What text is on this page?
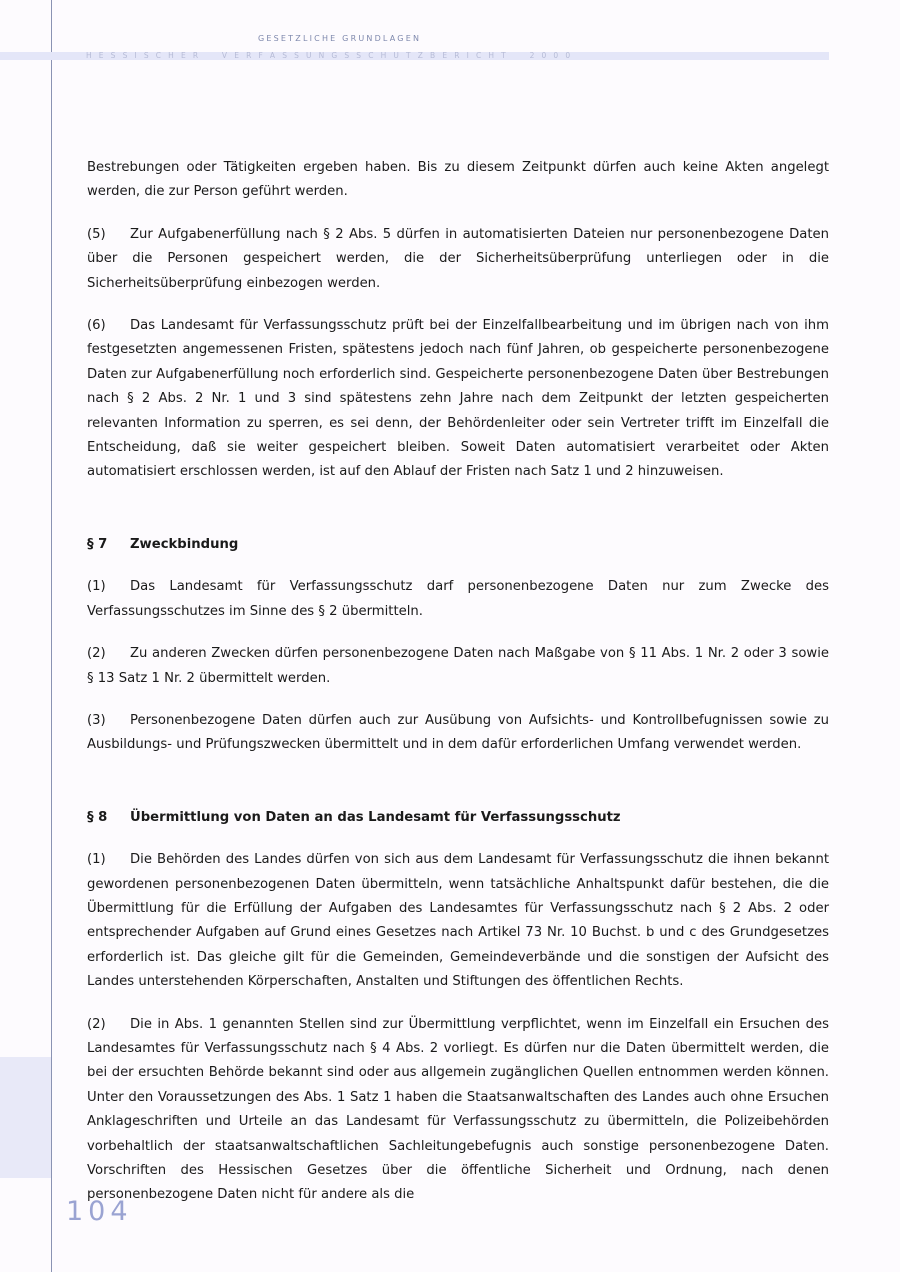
GESETZLICHE GRUNDLAGEN
H   E   S   S   I   S   C   H   E   R          V   E   R   F   A   S   S   U   N   G   S   S   C   H   U   T   Z   B   E   R   I   C   H   T          2   0   0   0
104

Bestrebungen oder Tätigkeiten ergeben haben. Bis zu diesem Zeitpunkt dürfen auch keine Akten angelegt werden, die zur Person geführt werden.

(5) Zur Aufgabenerfüllung nach § 2 Abs. 5 dürfen in automatisierten Dateien nur personenbezogene Daten über die Personen gespeichert werden, die der Sicherheitsüberprüfung unterliegen oder in die Sicherheitsüberprüfung einbezogen werden.

(6) Das Landesamt für Verfassungsschutz prüft bei der Einzelfallbearbeitung und im übrigen nach von ihm festgesetzten angemessenen Fristen, spätestens jedoch nach fünf Jahren, ob gespeicherte personenbezogene Daten zur Aufgabenerfüllung noch erforderlich sind. Gespeicherte personenbezogene Daten über Bestrebungen nach § 2 Abs. 2 Nr. 1 und 3 sind spätestens zehn Jahre nach dem Zeitpunkt der letzten gespeicherten relevanten Information zu sperren, es sei denn, der Behördenleiter oder sein Vertreter trifft im Einzelfall die Entscheidung, daß sie weiter gespeichert bleiben. Soweit Daten automatisiert verarbeitet oder Akten automatisiert erschlossen werden, ist auf den Ablauf der Fristen nach Satz 1 und 2 hinzuweisen.

§ 7 Zweckbindung

(1) Das Landesamt für Verfassungsschutz darf personenbezogene Daten nur zum Zwecke des Verfassungsschutzes im Sinne des § 2 übermitteln.

(2) Zu anderen Zwecken dürfen personenbezogene Daten nach Maßgabe von § 11 Abs. 1 Nr. 2 oder 3 sowie § 13 Satz 1 Nr. 2 übermittelt werden.

(3) Personenbezogene Daten dürfen auch zur Ausübung von Aufsichts- und Kontrollbefugnissen sowie zu Ausbildungs- und Prüfungszwecken übermittelt und in dem dafür erforderlichen Umfang verwendet werden.

§ 8 Übermittlung von Daten an das Landesamt für Verfassungsschutz

(1) Die Behörden des Landes dürfen von sich aus dem Landesamt für Verfassungsschutz die ihnen bekannt gewordenen personenbezogenen Daten übermitteln, wenn tatsächliche Anhaltspunkt dafür bestehen, die die Übermittlung für die Erfüllung der Aufgaben des Landesamtes für Verfassungsschutz nach § 2 Abs. 2 oder entsprechender Aufgaben auf Grund eines Gesetzes nach Artikel 73 Nr. 10 Buchst. b und c des Grundgesetzes erforderlich ist. Das gleiche gilt für die Gemeinden, Gemeindeverbände und die sonstigen der Aufsicht des Landes unterstehenden Körperschaften, Anstalten und Stiftungen des öffentlichen Rechts.

(2) Die in Abs. 1 genannten Stellen sind zur Übermittlung verpflichtet, wenn im Einzelfall ein Ersuchen des Landesamtes für Verfassungsschutz nach § 4 Abs. 2 vorliegt. Es dürfen nur die Daten übermittelt werden, die bei der ersuchten Behörde bekannt sind oder aus allgemein zugänglichen Quellen entnommen werden können. Unter den Voraussetzungen des Abs. 1 Satz 1 haben die Staatsanwaltschaften des Landes auch ohne Ersuchen Anklageschriften und Urteile an das Landesamt für Verfassungsschutz zu übermitteln, die Polizeibehörden vorbehaltlich der staatsanwaltschaftlichen Sachleitungebefugnis auch sonstige personenbezogene Daten. Vorschriften des Hessischen Gesetzes über die öffentliche Sicherheit und Ordnung, nach denen personenbezogene Daten nicht für andere als die
